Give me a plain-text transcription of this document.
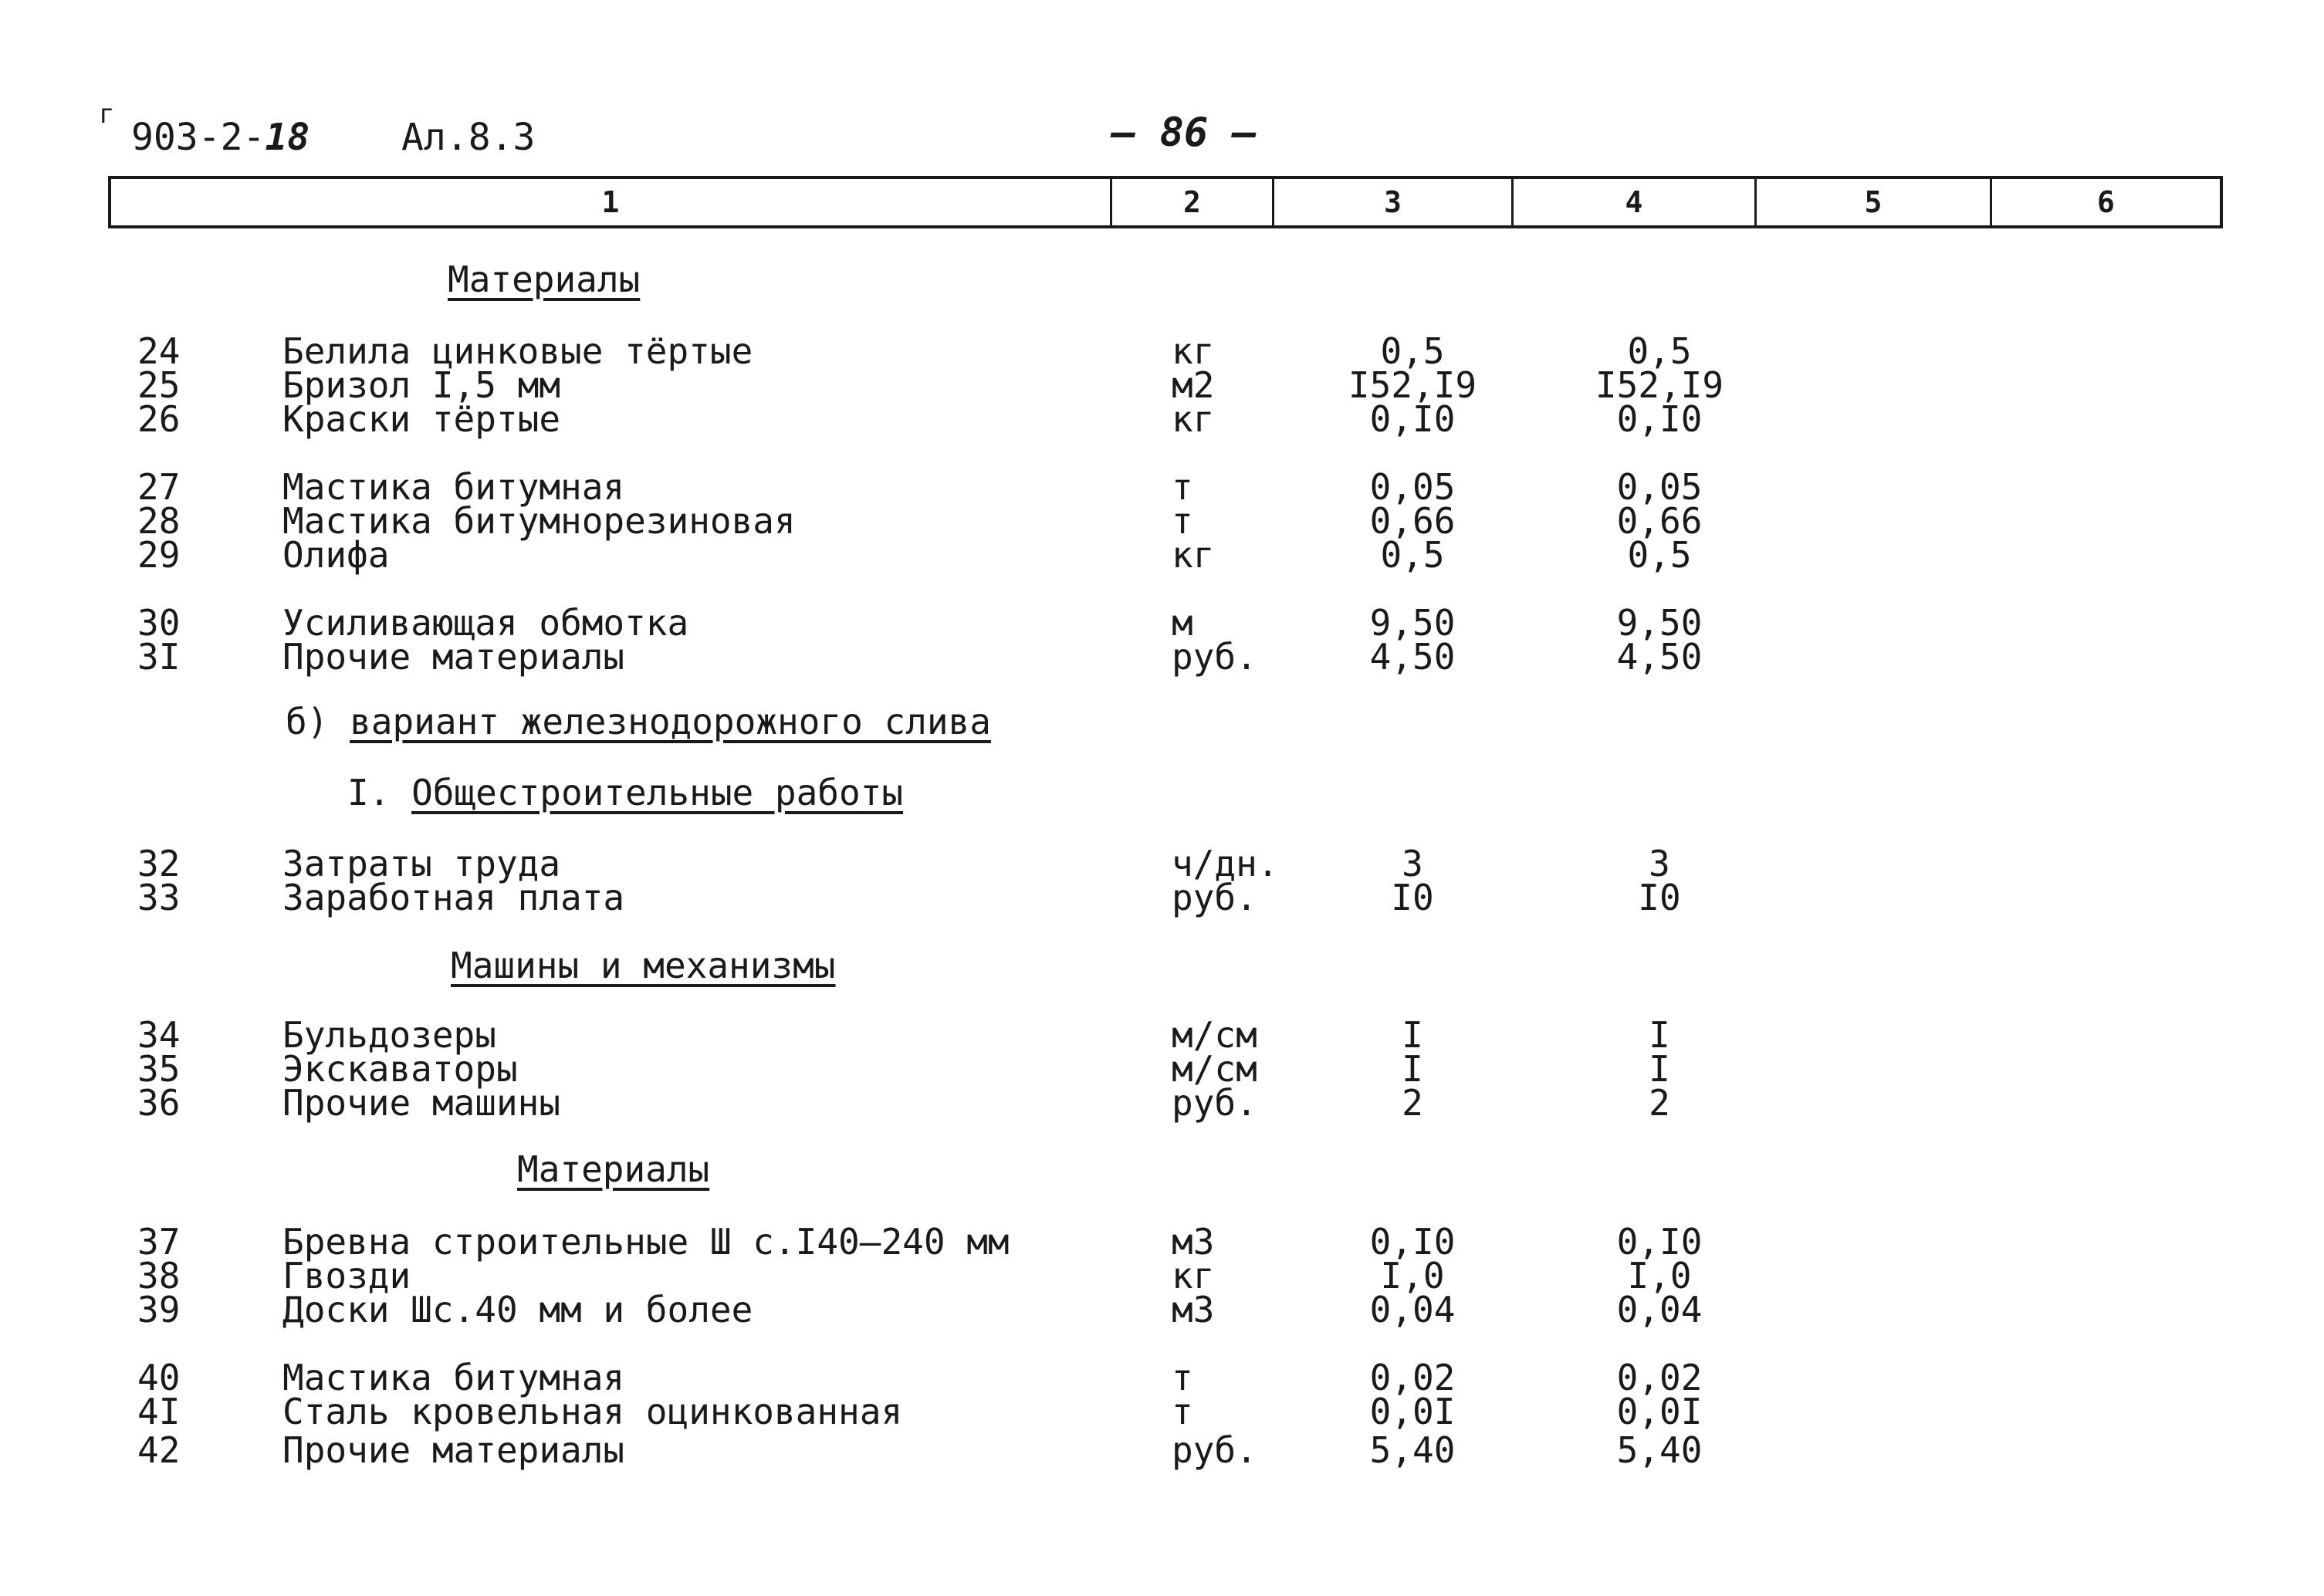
г
903-2-18 Ал.8.3	– 86 –
1	2	3	4	5	6
Материалы
24	Белила цинковые тёртые	кг	0,5	0,5
25	Бризол I,5 мм	м2	I52,I9	I52,I9
26	Краски тёртые	кг	0,I0	0,I0
27	Мастика битумная	т	0,05	0,05
28	Мастика битумнорезиновая	т	0,66	0,66
29	Олифа	кг	0,5	0,5
30	Усиливающая обмотка	м	9,50	9,50
3I	Прочие материалы	руб.	4,50	4,50
б) вариант железнодорожного слива
I. Общестроительные работы
32	Затраты труда	ч/дн.	3	3
33	Заработная плата	руб.	I0	I0
Машины и механизмы
34	Бульдозеры	м/см	I	I
35	Экскаваторы	м/см	I	I
36	Прочие машины	руб.	2	2
Материалы
37	Бревна строительные Ш с.I40–240 мм	м3	0,I0	0,I0
38	Гвозди	кг	I,0	I,0
39	Доски Шс.40 мм и более	м3	0,04	0,04
40	Мастика битумная	т	0,02	0,02
4I	Сталь кровельная оцинкованная	т	0,0I	0,0I
42	Прочие материалы	руб.	5,40	5,40
